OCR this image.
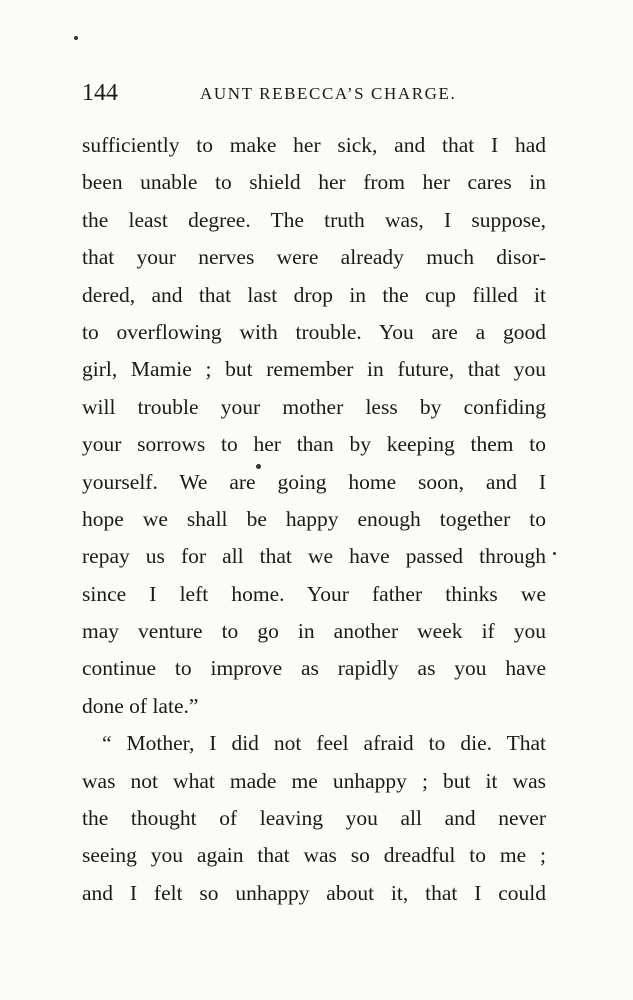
144	AUNT REBECCA’S CHARGE.
sufficiently to make her sick, and that I had
been unable to shield her from her cares in
the least degree. The truth was, I suppose,
that your nerves were already much disor-
dered, and that last drop in the cup filled it
to overflowing with trouble. You are a good
girl, Mamie ; but remember in future, that you
will trouble your mother less by confiding
your sorrows to her than by keeping them to
yourself. We are going home soon, and I
hope we shall be happy enough together to
repay us for all that we have passed through
since I left home. Your father thinks we
may venture to go in another week if you
continue to improve as rapidly as you have
done of late.”
“ Mother, I did not feel afraid to die. That
was not what made me unhappy ; but it was
the thought of leaving you all and never
seeing you again that was so dreadful to me ;
and I felt so unhappy about it, that I could
